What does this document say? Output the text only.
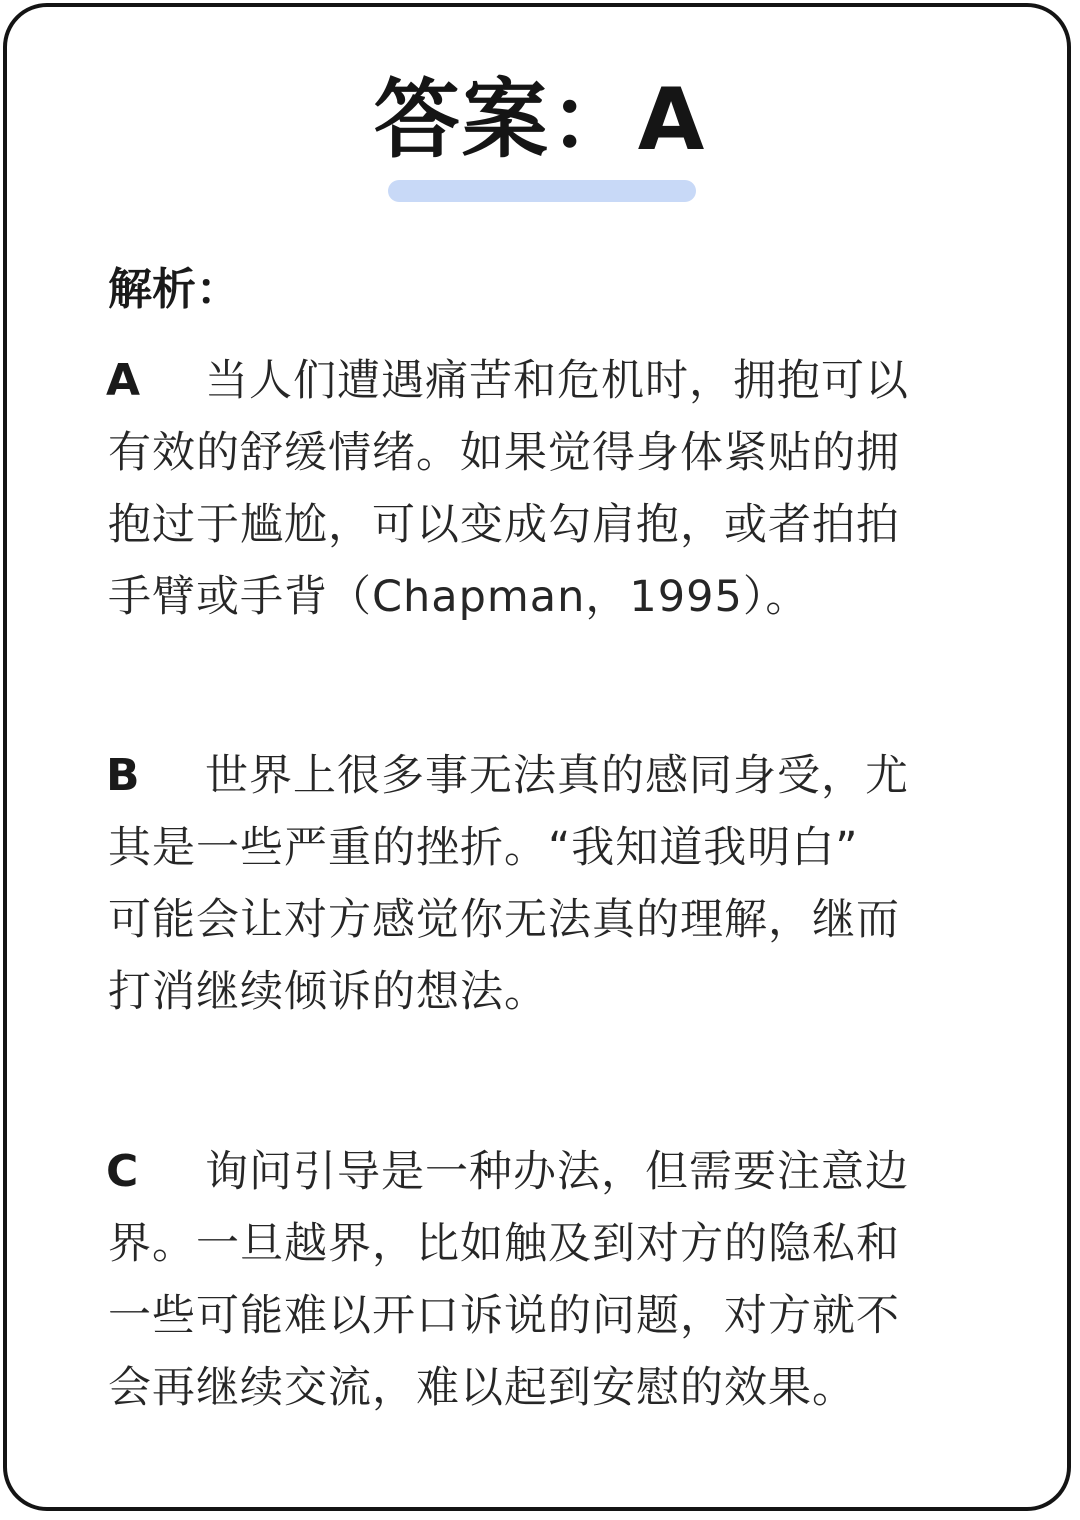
答案：A
解析：
A	当人们遭遇痛苦和危机时，拥抱可以
有效的舒缓情绪。如果觉得身体紧贴的拥
抱过于尴尬，可以变成勾肩抱，或者拍拍
手臂或手背（Chapman，1995）。
B	世界上很多事无法真的感同身受，尤
其是一些严重的挫折。“我知道我明白”
可能会让对方感觉你无法真的理解，继而
打消继续倾诉的想法。
C	询问引导是一种办法，但需要注意边
界。一旦越界，比如触及到对方的隐私和
一些可能难以开口诉说的问题，对方就不
会再继续交流，难以起到安慰的效果。
